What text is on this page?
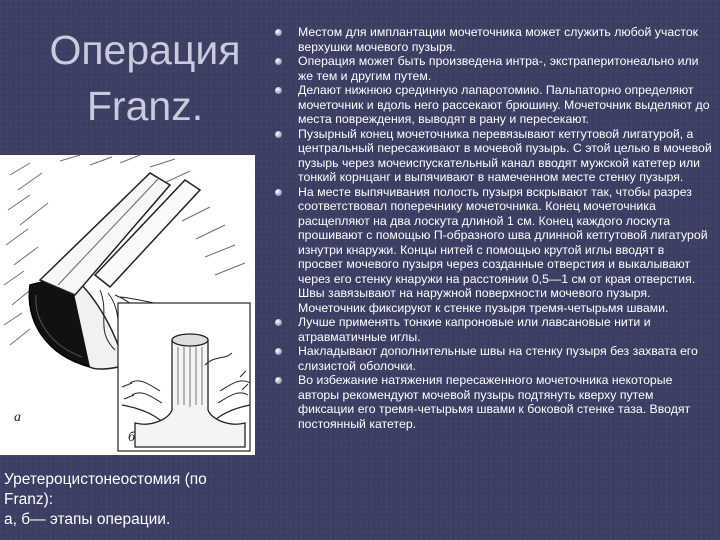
Операция
Franz.
а
б
Уретероцистонеостомия (по
Franz):
а, б— этапы операции.
Местом для имплантации мочеточника может служить любой участок верхушки мочевого пузыря.
Операция может быть произведена интра-, экстраперитонеально или же тем и другим путем.
Делают нижнюю срединную лапаротомию. Пальпаторно определяют мочеточник и вдоль него рассекают брюшину. Мочеточник выделяют до места повреждения, выводят в рану и пересекают.
Пузырный конец мочеточника перевязывают кетгутовой лигатурой, а центральный пересаживают в мочевой пузырь. С этой целью в мочевой пузырь через мочеиспускательный канал вводят мужской катетер или тонкий корнцанг и выпячивают в намеченном месте стенку пузыря.
На месте выпячивания полость пузыря вскрывают так, чтобы разрез соответствовал поперечнику мочеточника. Конец мочеточника расщепляют на два лоскута длиной 1 см. Конец каждого лоскута прошивают с помощью П-образного шва длинной кетгутовой лигатурой изнутри кнаружи. Концы нитей с помощью крутой иглы вводят в просвет мочевого пузыря через созданные отверстия и выкалывают через его стенку кнаружи на расстоянии 0,5—1 см от края отверстия. Швы завязывают на наружной поверхности мочевого пузыря. Мочеточник фиксируют к стенке пузыря тремя-четырьмя швами.
Лучше применять тонкие капроновые или лавсановые нити и атравматичные иглы.
Накладывают дополнительные швы на стенку пузыря без захвата его слизистой оболочки.
Во избежание натяжения пересаженного мочеточника некоторые авторы рекомендуют мочевой пузырь подтянуть кверху путем фиксации его тремя-четырьмя швами к боковой стенке таза. Вводят постоянный катетер.
